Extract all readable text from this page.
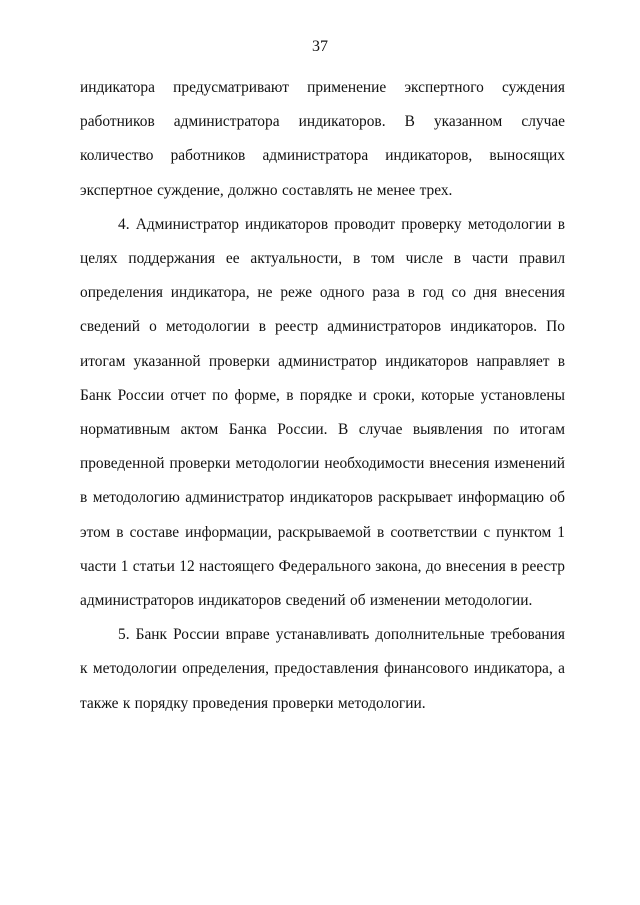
37

индикатора предусматривают применение экспертного суждения работников администратора индикаторов. В указанном случае количество работников администратора индикаторов, выносящих экспертное суждение, должно составлять не менее трех.

4. Администратор индикаторов проводит проверку методологии в целях поддержания ее актуальности, в том числе в части правил определения индикатора, не реже одного раза в год со дня внесения сведений о методологии в реестр администраторов индикаторов. По итогам указанной проверки администратор индикаторов направляет в Банк России отчет по форме, в порядке и сроки, которые установлены нормативным актом Банка России. В случае выявления по итогам проведенной проверки методологии необходимости внесения изменений в методологию администратор индикаторов раскрывает информацию об этом в составе информации, раскрываемой в соответствии с пунктом 1 части 1 статьи 12 настоящего Федерального закона, до внесения в реестр администраторов индикаторов сведений об изменении методологии.

5. Банк России вправе устанавливать дополнительные требования к методологии определения, предоставления финансового индикатора, а также к порядку проведения проверки методологии.
